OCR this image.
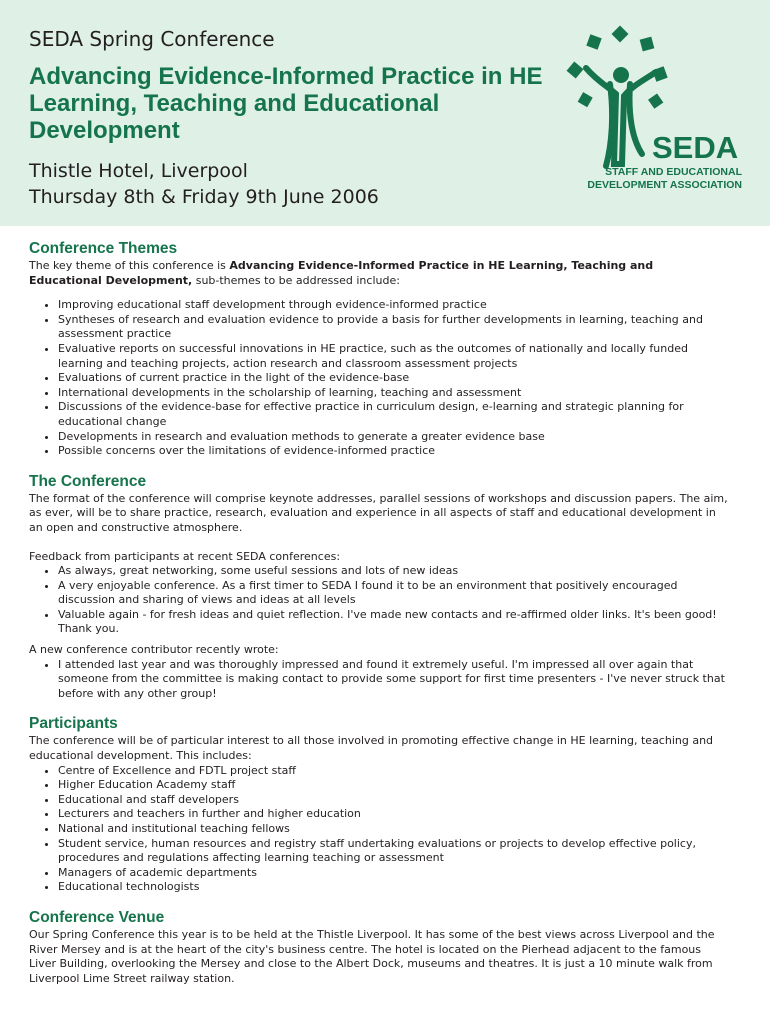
SEDA Spring Conference
Advancing Evidence-Informed Practice in HE Learning, Teaching and Educational Development
Thistle Hotel, Liverpool
Thursday 8th & Friday 9th June 2006
SEDA
STAFF AND EDUCATIONAL
DEVELOPMENT ASSOCIATION
Conference Themes

The key theme of this conference is Advancing Evidence-Informed Practice in HE Learning, Teaching and Educational Development, sub-themes to be addressed include:

• Improving educational staff development through evidence-informed practice
• Syntheses of research and evaluation evidence to provide a basis for further developments in learning, teaching and assessment practice
• Evaluative reports on successful innovations in HE practice, such as the outcomes of nationally and locally funded learning and teaching projects, action research and classroom assessment projects
• Evaluations of current practice in the light of the evidence-base
• International developments in the scholarship of learning, teaching and assessment
• Discussions of the evidence-base for effective practice in curriculum design, e-learning and strategic planning for educational change
• Developments in research and evaluation methods to generate a greater evidence base
• Possible concerns over the limitations of evidence-informed practice
The Conference

The format of the conference will comprise keynote addresses, parallel sessions of workshops and discussion papers. The aim, as ever, will be to share practice, research, evaluation and experience in all aspects of staff and educational development in an open and constructive atmosphere.

Feedback from participants at recent SEDA conferences:

• As always, great networking, some useful sessions and lots of new ideas
• A very enjoyable conference. As a first timer to SEDA I found it to be an environment that positively encouraged discussion and sharing of views and ideas at all levels
• Valuable again - for fresh ideas and quiet reflection. I've made new contacts and re-affirmed older links. It's been good! Thank you.

A new conference contributor recently wrote:

• I attended last year and was thoroughly impressed and found it extremely useful. I'm impressed all over again that someone from the committee is making contact to provide some support for first time presenters - I've never struck that before with any other group!
Participants

The conference will be of particular interest to all those involved in promoting effective change in HE learning, teaching and educational development. This includes:

• Centre of Excellence and FDTL project staff
• Higher Education Academy staff
• Educational and staff developers
• Lecturers and teachers in further and higher education
• National and institutional teaching fellows
• Student service, human resources and registry staff undertaking evaluations or projects to develop effective policy, procedures and regulations affecting learning teaching or assessment
• Managers of academic departments
• Educational technologists
Conference Venue

Our Spring Conference this year is to be held at the Thistle Liverpool. It has some of the best views across Liverpool and the River Mersey and is at the heart of the city's business centre. The hotel is located on the Pierhead adjacent to the famous Liver Building, overlooking the Mersey and close to the Albert Dock, museums and theatres. It is just a 10 minute walk from Liverpool Lime Street railway station.
